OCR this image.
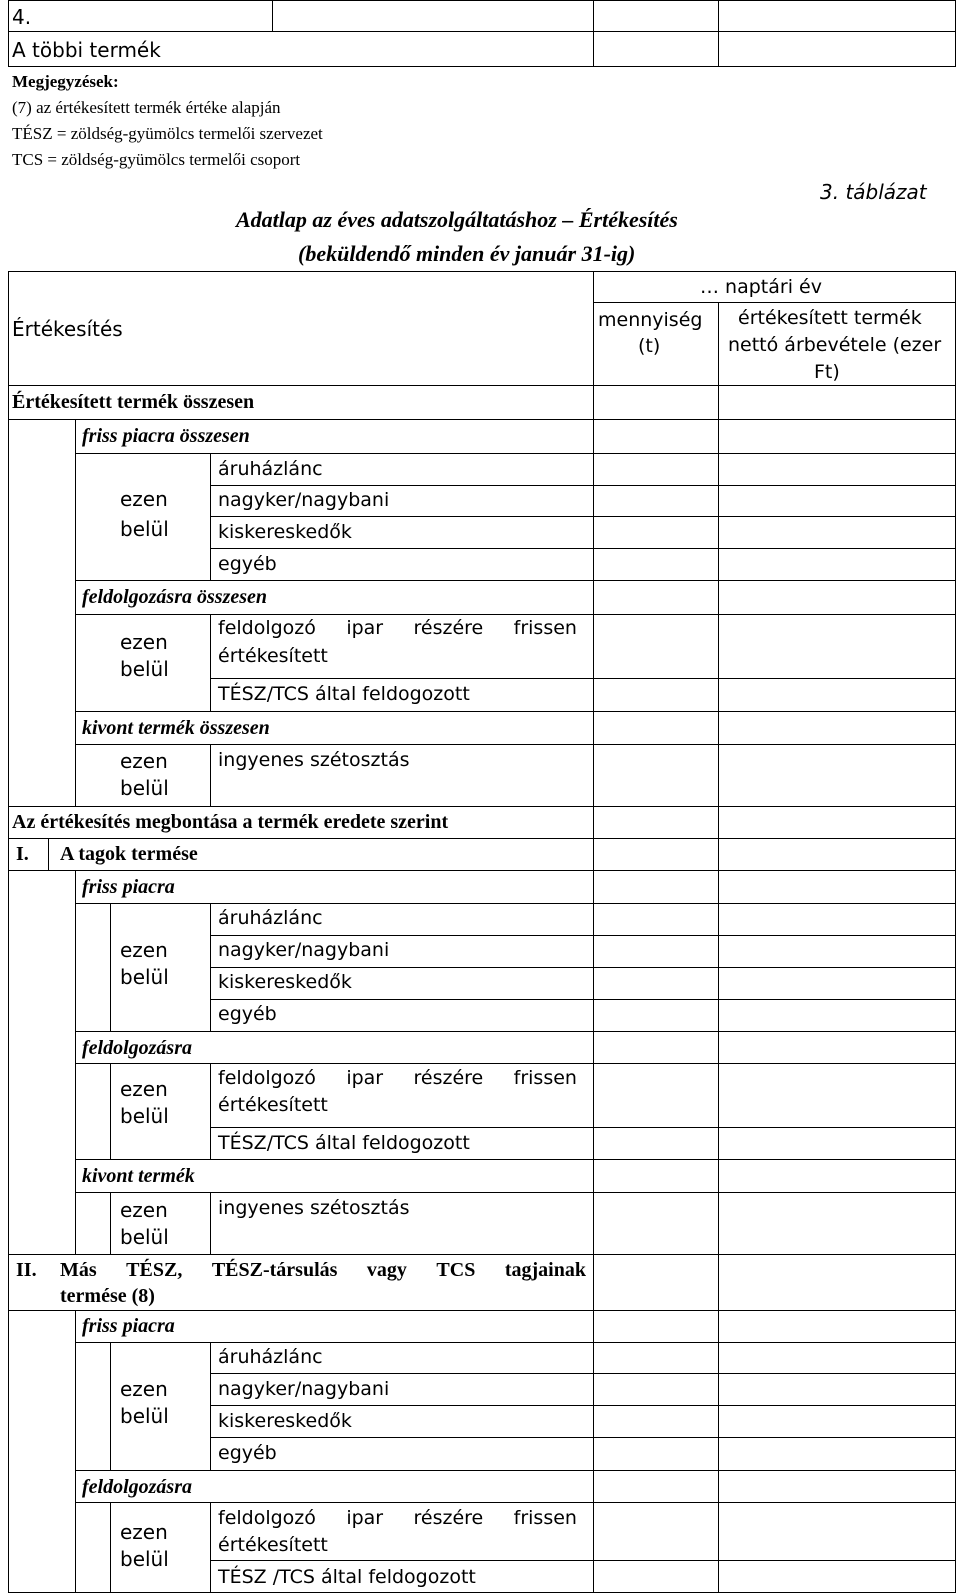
4.
A többi termék
Megjegyzések:
(7) az értékesített termék értéke alapján
TÉSZ = zöldség-gyümölcs termelői szervezet
TCS = zöldség-gyümölcs termelői csoport
3. táblázat
Adatlap az éves adatszolgáltatáshoz – Értékesítés
(beküldendő minden év január 31-ig)
Értékesítés
… naptári év
mennyiség
(t)
értékesített termék
nettó árbevétele (ezer
Ft)
Értékesített termék összesen
friss piacra összesen
ezen
belül
áruházlánc
nagyker/nagybani
kiskereskedők
egyéb
feldolgozásra összesen
ezen
belül
feldolgozó ipar részére frissen
értékesített
TÉSZ/TCS által feldogozott
kivont termék összesen
ezen
belül
ingyenes szétosztás
Az értékesítés megbontása a termék eredete szerint
I. A tagok termése
friss piacra
ezen
belül
áruházlánc
nagyker/nagybani
kiskereskedők
egyéb
feldolgozásra
ezen
belül
feldolgozó ipar részére frissen
értékesített
TÉSZ/TCS által feldogozott
kivont termék
ezen
belül
ingyenes szétosztás
II. Más TÉSZ, TÉSZ-társulás vagy TCS tagjainak
termése (8)
friss piacra
ezen
belül
áruházlánc
nagyker/nagybani
kiskereskedők
egyéb
feldolgozásra
ezen
belül
feldolgozó ipar részére frissen
értékesített
TÉSZ /TCS által feldogozott
